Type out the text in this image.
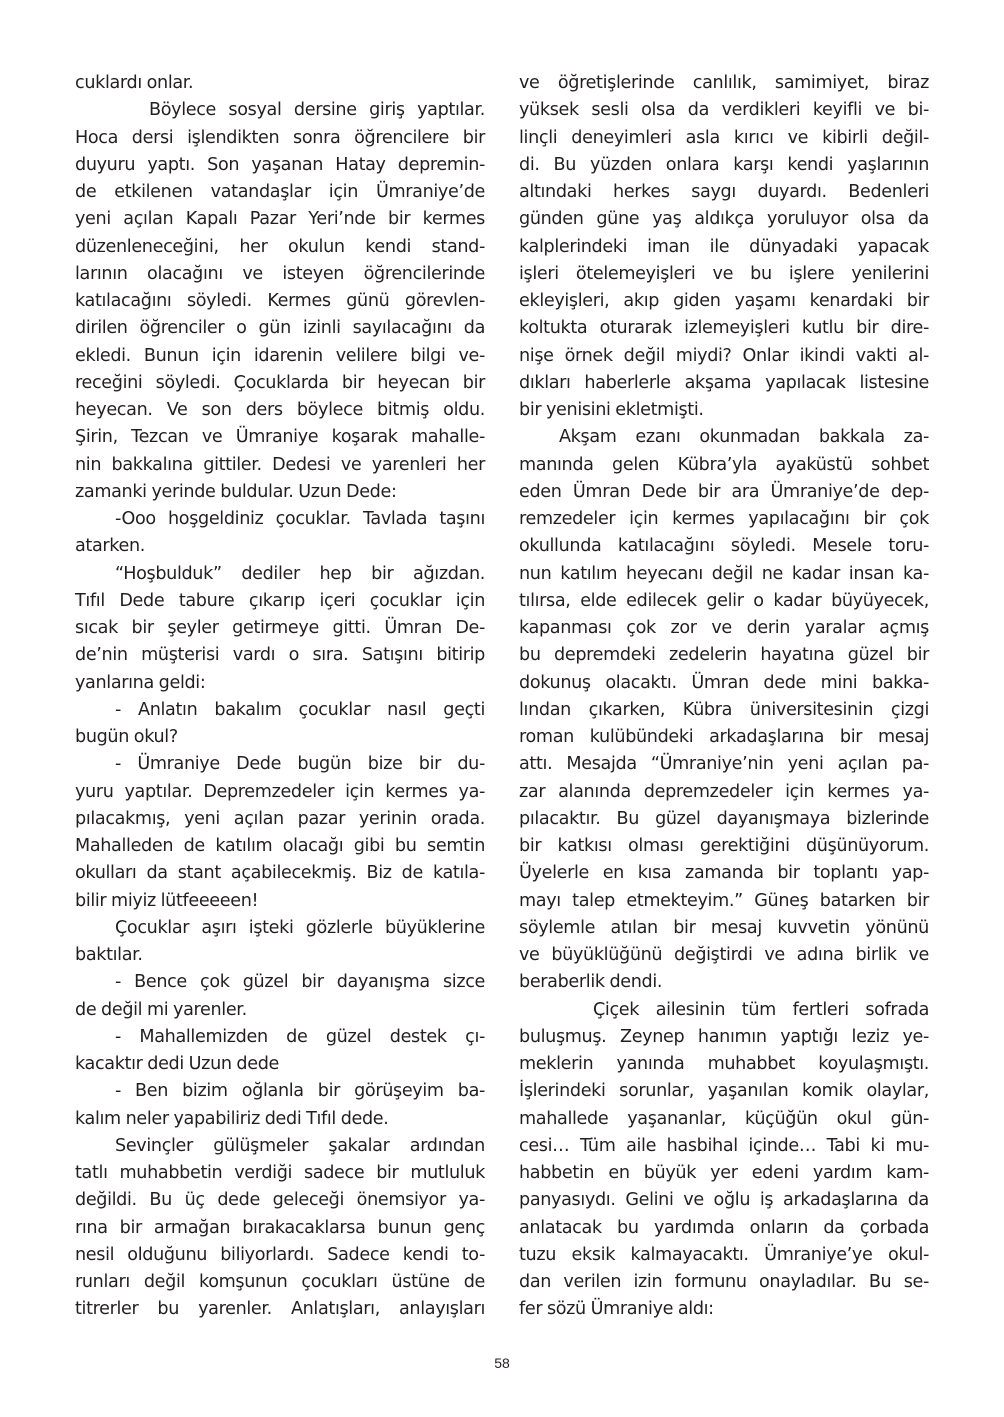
cuklardı onlar.
Böylece sosyal dersine giriş yaptılar.
Hoca dersi işlendikten sonra öğrencilere bir
duyuru yaptı. Son yaşanan Hatay depremin-
de etkilenen vatandaşlar için Ümraniye’de
yeni açılan Kapalı Pazar Yeri’nde bir kermes
düzenleneceğini, her okulun kendi stand-
larının olacağını ve isteyen öğrencilerinde
katılacağını söyledi. Kermes günü görevlen-
dirilen öğrenciler o gün izinli sayılacağını da
ekledi. Bunun için idarenin velilere bilgi ve-
receğini söyledi. Çocuklarda bir heyecan bir
heyecan. Ve son ders böylece bitmiş oldu.
Şirin, Tezcan ve Ümraniye koşarak mahalle-
nin bakkalına gittiler. Dedesi ve yarenleri her
zamanki yerinde buldular. Uzun Dede:
-Ooo hoşgeldiniz çocuklar. Tavlada taşını
atarken.
“Hoşbulduk” dediler hep bir ağızdan.
Tıfıl Dede tabure çıkarıp içeri çocuklar için
sıcak bir şeyler getirmeye gitti. Ümran De-
de’nin müşterisi vardı o sıra. Satışını bitirip
yanlarına geldi:
- Anlatın bakalım çocuklar nasıl geçti
bugün okul?
- Ümraniye Dede bugün bize bir du-
yuru yaptılar. Depremzedeler için kermes ya-
pılacakmış, yeni açılan pazar yerinin orada.
Mahalleden de katılım olacağı gibi bu semtin
okulları da stant açabilecekmiş. Biz de katıla-
bilir miyiz lütfeeeeen!
Çocuklar aşırı işteki gözlerle büyüklerine
baktılar.
- Bence çok güzel bir dayanışma sizce
de değil mi yarenler.
- Mahallemizden de güzel destek çı-
kacaktır dedi Uzun dede
- Ben bizim oğlanla bir görüşeyim ba-
kalım neler yapabiliriz dedi Tıfıl dede.
Sevinçler gülüşmeler şakalar ardından
tatlı muhabbetin verdiği sadece bir mutluluk
değildi. Bu üç dede geleceği önemsiyor ya-
rına bir armağan bırakacaklarsa bunun genç
nesil olduğunu biliyorlardı. Sadece kendi to-
runları değil komşunun çocukları üstüne de
titrerler bu yarenler. Anlatışları, anlayışları
ve öğretişlerinde canlılık, samimiyet, biraz
yüksek sesli olsa da verdikleri keyifli ve bi-
linçli deneyimleri asla kırıcı ve kibirli değil-
di. Bu yüzden onlara karşı kendi yaşlarının
altındaki herkes saygı duyardı. Bedenleri
günden güne yaş aldıkça yoruluyor olsa da
kalplerindeki iman ile dünyadaki yapacak
işleri ötelemeyişleri ve bu işlere yenilerini
ekleyişleri, akıp giden yaşamı kenardaki bir
koltukta oturarak izlemeyişleri kutlu bir dire-
nişe örnek değil miydi? Onlar ikindi vakti al-
dıkları haberlerle akşama yapılacak listesine
bir yenisini ekletmişti.
Akşam ezanı okunmadan bakkala za-
manında gelen Kübra’yla ayaküstü sohbet
eden Ümran Dede bir ara Ümraniye’de dep-
remzedeler için kermes yapılacağını bir çok
okullunda katılacağını söyledi. Mesele toru-
nun katılım heyecanı değil ne kadar insan ka-
tılırsa, elde edilecek gelir o kadar büyüyecek,
kapanması çok zor ve derin yaralar açmış
bu depremdeki zedelerin hayatına güzel bir
dokunuş olacaktı. Ümran dede mini bakka-
lından çıkarken, Kübra üniversitesinin çizgi
roman kulübündeki arkadaşlarına bir mesaj
attı. Mesajda “Ümraniye’nin yeni açılan pa-
zar alanında depremzedeler için kermes ya-
pılacaktır. Bu güzel dayanışmaya bizlerinde
bir katkısı olması gerektiğini düşünüyorum.
Üyelerle en kısa zamanda bir toplantı yap-
mayı talep etmekteyim.” Güneş batarken bir
söylemle atılan bir mesaj kuvvetin yönünü
ve büyüklüğünü değiştirdi ve adına birlik ve
beraberlik dendi.
Çiçek ailesinin tüm fertleri sofrada
buluşmuş. Zeynep hanımın yaptığı leziz ye-
meklerin yanında muhabbet koyulaşmıştı.
İşlerindeki sorunlar, yaşanılan komik olaylar,
mahallede yaşananlar, küçüğün okul gün-
cesi… Tüm aile hasbihal içinde… Tabi ki mu-
habbetin en büyük yer edeni yardım kam-
panyasıydı. Gelini ve oğlu iş arkadaşlarına da
anlatacak bu yardımda onların da çorbada
tuzu eksik kalmayacaktı. Ümraniye’ye okul-
dan verilen izin formunu onayladılar. Bu se-
fer sözü Ümraniye aldı:
58
